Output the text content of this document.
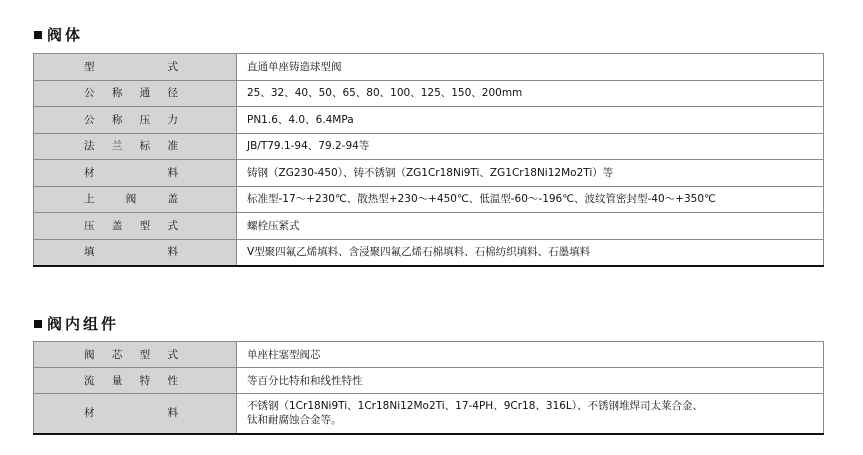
阀体
型 式	直通单座铸造球型阀
公称通径	25、32、40、50、65、80、100、125、150、200mm
公称压力	PN1.6、4.0、6.4MPa
法兰标准	JB/T79.1-94、79.2-94等
材 料	铸钢（ZG230-450）、铸不锈钢（ZG1Cr18Ni9Ti、ZG1Cr18Ni12Mo2Ti）等
上 阀 盖	标准型-17～+230℃、散热型+230～+450℃、低温型-60～-196℃、波纹管密封型-40～+350℃
压盖型式	螺栓压紧式
填 料	V型聚四氟乙烯填料、含浸聚四氟乙烯石棉填料、石棉纺织填料、石墨填料
阀内组件
阀芯型式	单座柱塞型阀芯
流量特性	等百分比特和和线性特性
材 料	不锈钢（1Cr18Ni9Ti、1Cr18Ni12Mo2Ti、17-4PH、9Cr18、316L）、不锈钢堆焊司太莱合金、
钛和耐腐蚀合金等。
